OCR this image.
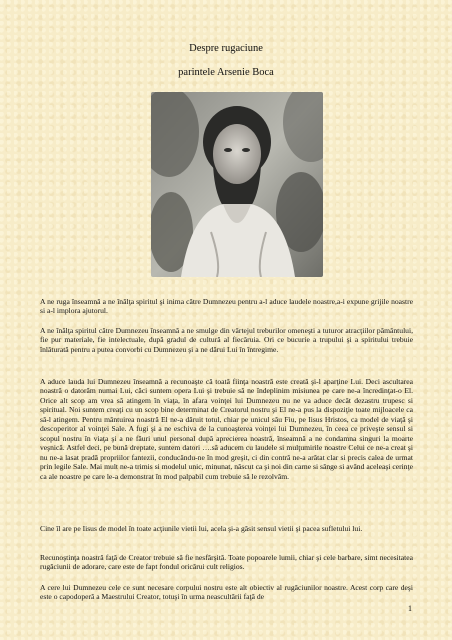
Despre rugaciune
parintele Arsenie Boca
A ne ruga înseamnă a ne înălţa spiritul şi inima către Dumnezeu pentru a-l aduce laudele noastre,a-i expune grijile noastre si a-l implora ajutorul.
A ne înălţa spiritul către Dumnezeu înseamnă a ne smulge din vârtejul treburilor omeneşti a tuturor atracţiilor pământului, fie pur materiale, fie intelectuale, după gradul de cultură al fiecăruia. Ori ce bucurie a trupului şi a spiritului trebuie înlăturată pentru a putea convorbi cu Dumnezeu şi a ne dărui Lui în întregime.
A aduce lauda lui Dumnezeu înseamnă a recunoaşte că toată fiinţa noastră este creată şi-l aparţine Lui. Deci ascultarea noastră o datorăm numai Lui, căci suntem opera Lui şi trebuie să ne îndeplinim misiunea pe care ne-a încredinţat-o El. Orice alt scop am vrea să atingem în viaţa, în afara voinţei lui Dumnezeu nu ne va aduce decât dezastru trupesc si spiritual. Noi suntem creaţi cu un scop bine determinat de Creatorul nostru şi El ne-a pus la dispoziţie toate mijloacele ca să-l atingem. Pentru mântuirea noastră El ne-a dăruit totul, chiar pe unicul său Fiu, pe Iisus Hristos, ca model de viaţă şi descoperitor al voinţei Sale. A fugi şi a ne eschiva de la cunoaşterea voinţei lui Dumnezeu, în ceea ce priveşte sensul si scopul nostru în viaţa şi a ne făuri unul personal după aprecierea noastră, înseamnă a ne condamna singuri la moarte veşnică. Astfel deci, pe bună dreptate, suntem datori ….să aducem cu laudele si mulţumirile noastre Celui ce ne-a creat şi nu ne-a lasat pradă propriilor fantezii, conducându-ne în mod greşit, ci din contră ne-a arătat clar si precis calea de urmat prin legile Sale. Mai mult ne-a trimis si modelul unic, minunat, născut ca şi noi din carne si sânge si având aceleaşi cerinţe ca ale noastre pe care le-a demonstrat în mod palpabil cum trebuie să le rezolvăm.
Cine îl are pe Iisus de model în toate acţiunile vietii lui, acela şi-a găsit sensul vietii şi pacea sufletului lui.
Recunoştinţa noastră faţă de Creator trebuie să fie nesfârşită. Toate popoarele lumii, chiar şi cele barbare, simt necesitatea rugăciunii de adorare, care este de fapt fondul oricărui cult religios.
A cere lui Dumnezeu cele ce sunt necesare corpului nostru este alt obiectiv al rugăciunilor noastre. Acest corp care deşi este o capodoperă a Maestrului Creator, totuşi în urma neascultării faţă de
1
